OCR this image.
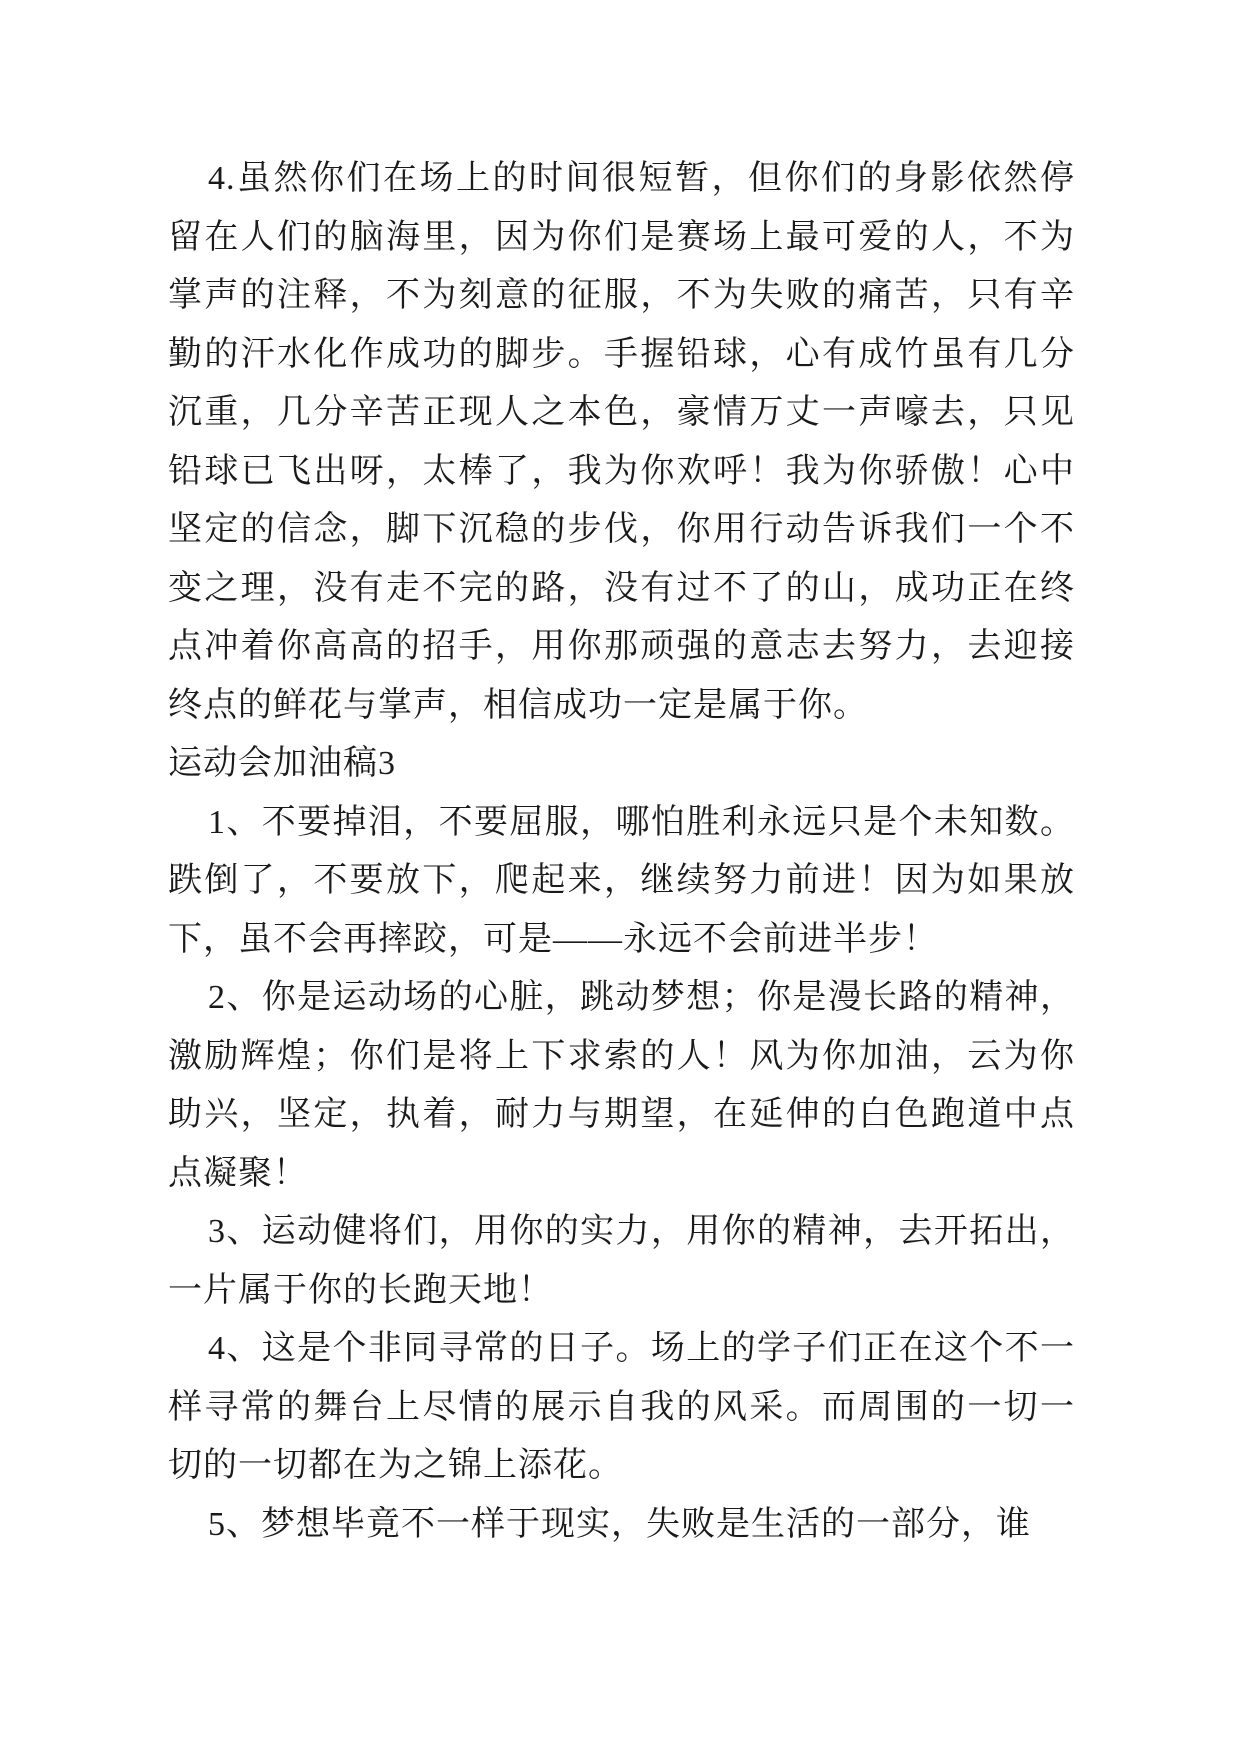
4.虽然你们在场上的时间很短暂，但你们的身影依然停留在人们的脑海里，因为你们是赛场上最可爱的人，不为掌声的注释，不为刻意的征服，不为失败的痛苦，只有辛勤的汗水化作成功的脚步。手握铅球，心有成竹虽有几分沉重，几分辛苦正现人之本色，豪情万丈一声嚎去，只见铅球已飞出呀，太棒了，我为你欢呼！我为你骄傲！心中坚定的信念，脚下沉稳的步伐，你用行动告诉我们一个不变之理，没有走不完的路，没有过不了的山，成功正在终点冲着你高高的招手，用你那顽强的意志去努力，去迎接终点的鲜花与掌声，相信成功一定是属于你。

运动会加油稿3

1、不要掉泪，不要屈服，哪怕胜利永远只是个未知数。跌倒了，不要放下，爬起来，继续努力前进！因为如果放下，虽不会再摔跤，可是——永远不会前进半步！

2、你是运动场的心脏，跳动梦想；你是漫长路的精神，激励辉煌；你们是将上下求索的人！风为你加油，云为你助兴，坚定，执着，耐力与期望，在延伸的白色跑道中点点凝聚！

3、运动健将们，用你的实力，用你的精神，去开拓出，一片属于你的长跑天地！

4、这是个非同寻常的日子。场上的学子们正在这个不一样寻常的舞台上尽情的展示自我的风采。而周围的一切一切的一切都在为之锦上添花。

5、梦想毕竟不一样于现实，失败是生活的一部分，谁
